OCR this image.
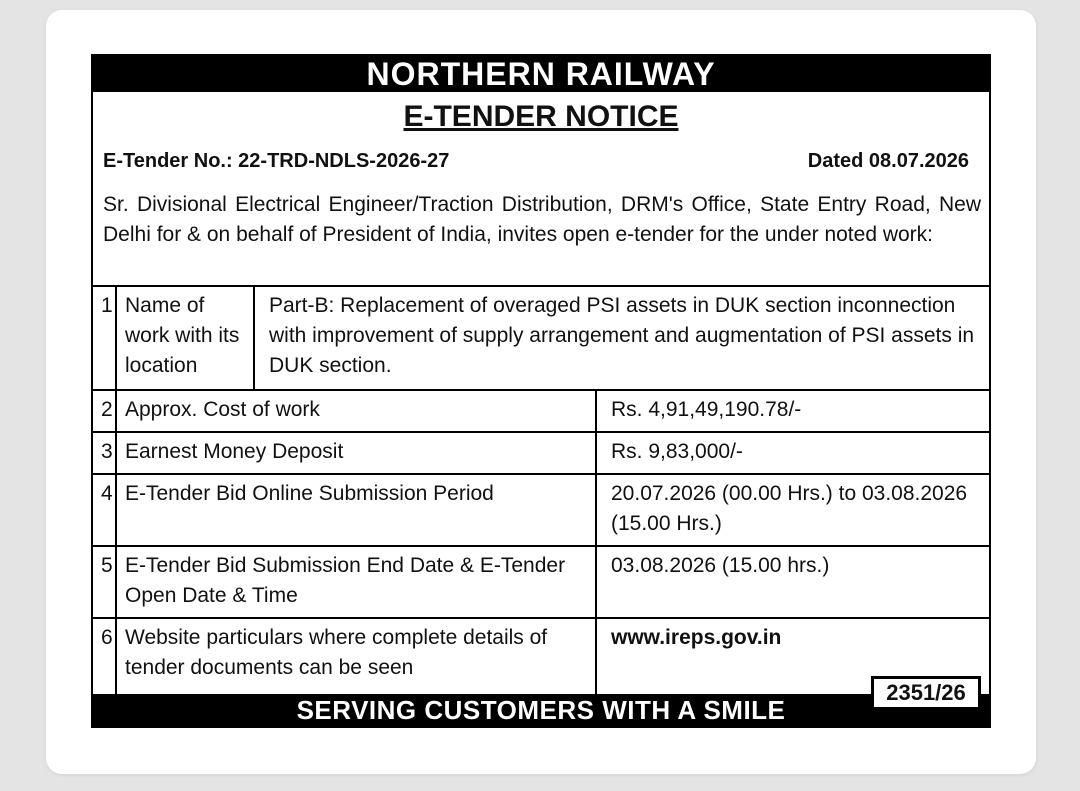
NORTHERN RAILWAY
E-TENDER NOTICE
E-Tender No.: 22-TRD-NDLS-2026-27	Dated 08.07.2026
Sr. Divisional Electrical Engineer/Traction Distribution, DRM's Office, State Entry Road, New Delhi for & on behalf of President of India, invites open e-tender for the under noted work:
1	Name of work with its location	Part-B: Replacement of overaged PSI assets in DUK section inconnection with improvement of supply arrangement and augmentation of PSI assets in DUK section.

2	Approx. Cost of work	Rs. 4,91,49,190.78/-
3	Earnest Money Deposit	Rs. 9,83,000/-
4	E-Tender Bid Online Submission Period	20.07.2026 (00.00 Hrs.) to 03.08.2026 (15.00 Hrs.)
5	E-Tender Bid Submission End Date & E-Tender Open Date & Time	03.08.2026 (15.00 hrs.)
6	Website particulars where complete details of tender documents can be seen	www.ireps.gov.in
SERVING CUSTOMERS WITH A SMILE
2351/26
